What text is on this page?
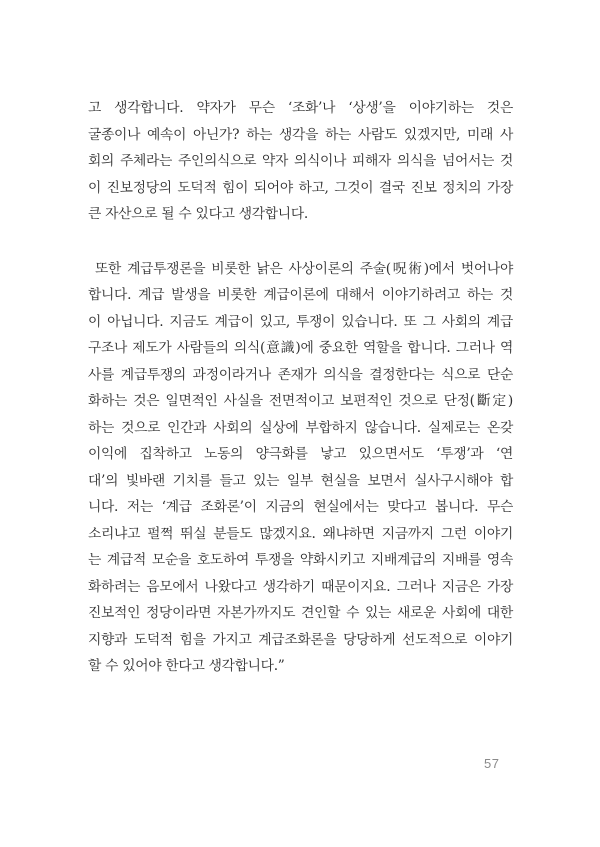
고 생각합니다. 약자가 무슨 ‘조화’나 ‘상생’을 이야기하는 것은
굴종이나 예속이 아닌가? 하는 생각을 하는 사람도 있겠지만, 미래 사
회의 주체라는 주인의식으로 약자 의식이나 피해자 의식을 넘어서는 것
이 진보정당의 도덕적 힘이 되어야 하고, 그것이 결국 진보 정치의 가장
큰 자산으로 될 수 있다고 생각합니다.
또한 계급투쟁론을 비롯한 낡은 사상이론의 주술(呪術)에서 벗어나야
합니다. 계급 발생을 비롯한 계급이론에 대해서 이야기하려고 하는 것
이 아닙니다. 지금도 계급이 있고, 투쟁이 있습니다. 또 그 사회의 계급
구조나 제도가 사람들의 의식(意識)에 중요한 역할을 합니다. 그러나 역
사를 계급투쟁의 과정이라거나 존재가 의식을 결정한다는 식으로 단순
화하는 것은 일면적인 사실을 전면적이고 보편적인 것으로 단정(斷定)
하는 것으로 인간과 사회의 실상에 부합하지 않습니다. 실제로는 온갖
이익에 집착하고 노동의 양극화를 낳고 있으면서도 ‘투쟁’과 ‘연
대’의 빛바랜 기치를 들고 있는 일부 현실을 보면서 실사구시해야 합
니다. 저는 ‘계급 조화론’이 지금의 현실에서는 맞다고 봅니다. 무슨
소리냐고 펄쩍 뛰실 분들도 많겠지요. 왜냐하면 지금까지 그런 이야기
는 계급적 모순을 호도하여 투쟁을 약화시키고 지배계급의 지배를 영속
화하려는 음모에서 나왔다고 생각하기 때문이지요. 그러나 지금은 가장
진보적인 정당이라면 자본가까지도 견인할 수 있는 새로운 사회에 대한
지향과 도덕적 힘을 가지고 계급조화론을 당당하게 선도적으로 이야기
할 수 있어야 한다고 생각합니다.”
57
